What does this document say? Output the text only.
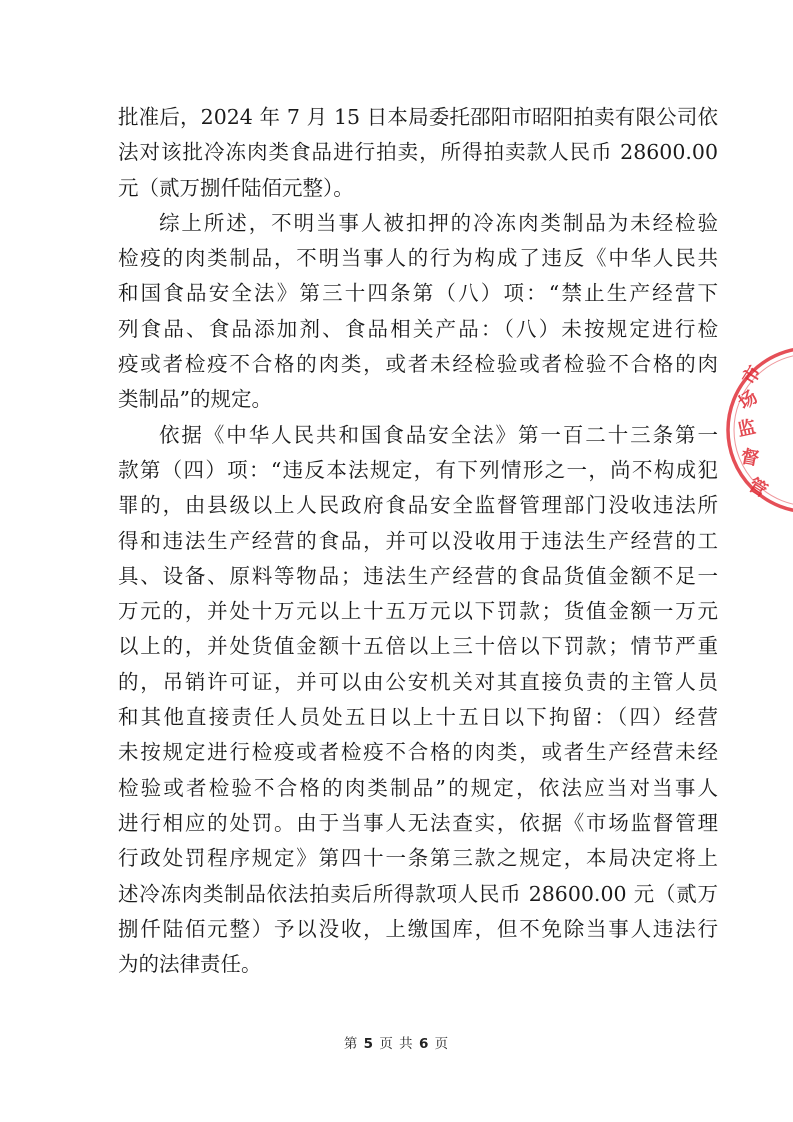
批准后，2024 年 7 月 15 日本局委托邵阳市昭阳拍卖有限公司依
法对该批冷冻肉类食品进行拍卖，所得拍卖款人民币 28600.00
元（贰万捌仟陆佰元整）。
综上所述，不明当事人被扣押的冷冻肉类制品为未经检验
检疫的肉类制品，不明当事人的行为构成了违反《中华人民共
和国食品安全法》第三十四条第（八）项：“禁止生产经营下
列食品、食品添加剂、食品相关产品：（八）未按规定进行检
疫或者检疫不合格的肉类，或者未经检验或者检验不合格的肉
类制品”的规定。
依据《中华人民共和国食品安全法》第一百二十三条第一
款第（四）项：“违反本法规定，有下列情形之一，尚不构成犯
罪的，由县级以上人民政府食品安全监督管理部门没收违法所
得和违法生产经营的食品，并可以没收用于违法生产经营的工
具、设备、原料等物品；违法生产经营的食品货值金额不足一
万元的，并处十万元以上十五万元以下罚款；货值金额一万元
以上的，并处货值金额十五倍以上三十倍以下罚款；情节严重
的，吊销许可证，并可以由公安机关对其直接负责的主管人员
和其他直接责任人员处五日以上十五日以下拘留：（四）经营
未按规定进行检疫或者检疫不合格的肉类，或者生产经营未经
检验或者检验不合格的肉类制品”的规定，依法应当对当事人
进行相应的处罚。由于当事人无法查实，依据《市场监督管理
行政处罚程序规定》第四十一条第三款之规定，本局决定将上
述冷冻肉类制品依法拍卖后所得款项人民币 28600.00 元（贰万
捌仟陆佰元整）予以没收，上缴国库，但不免除当事人违法行
为的法律责任。
第 5 页 共 6 页
市
场
监
督
管
